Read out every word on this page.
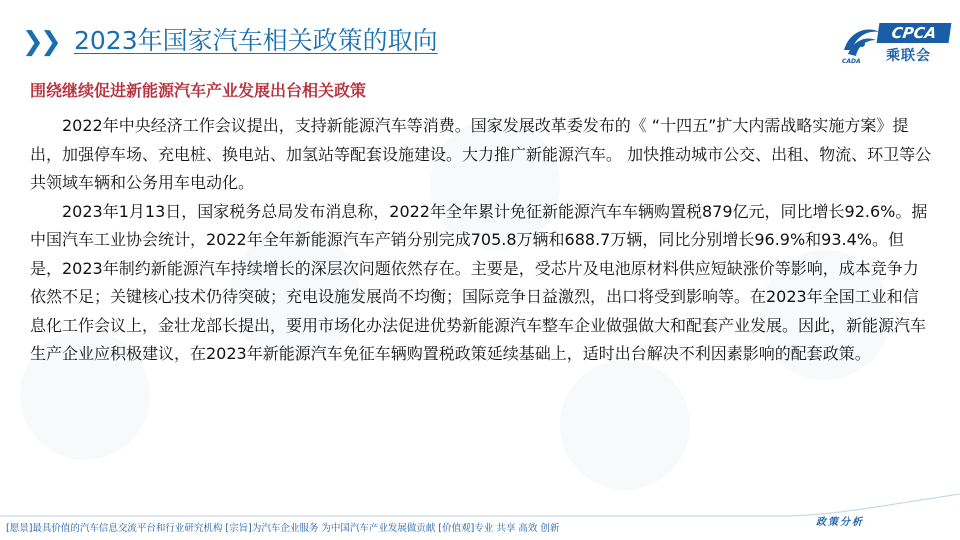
❯
❯ 2023年国家汽车相关政策的取向	CPCA
乘联会
CADA
围绕继续促进新能源汽车产业发展出台相关政策

2022年中央经济工作会议提出，支持新能源汽车等消费。国家发展改革委发布的《 “十四五”扩大内需战略实施方案》提出，加强停车场、充电桩、换电站、加氢站等配套设施建设。大力推广新能源汽车。 加快推动城市公交、出租、物流、环卫等公共领域车辆和公务用车电动化。

2023年1月13日，国家税务总局发布消息称，2022年全年累计免征新能源汽车车辆购置税879亿元，同比增长92.6%。据中国汽车工业协会统计，2022年全年新能源汽车产销分别完成705.8万辆和688.7万辆，同比分别增长96.9%和93.4%。但是，2023年制约新能源汽车持续增长的深层次问题依然存在。主要是，受芯片及电池原材料供应短缺涨价等影响，成本竞争力依然不足；关键核心技术仍待突破；充电设施发展尚不均衡；国际竞争日益激烈，出口将受到影响等。在2023年全国工业和信息化工作会议上，金壮龙部长提出，要用市场化办法促进优势新能源汽车整车企业做强做大和配套产业发展。因此，新能源汽车生产企业应积极建议，在2023年新能源汽车免征车辆购置税政策延续基础上，适时出台解决不利因素影响的配套政策。

[愿景]最具价值的汽车信息交流平台和行业研究机构 [宗旨]为汽车企业服务 为中国汽车产业发展做贡献 [价值观]专业 共享 高效 创新
政策分析
